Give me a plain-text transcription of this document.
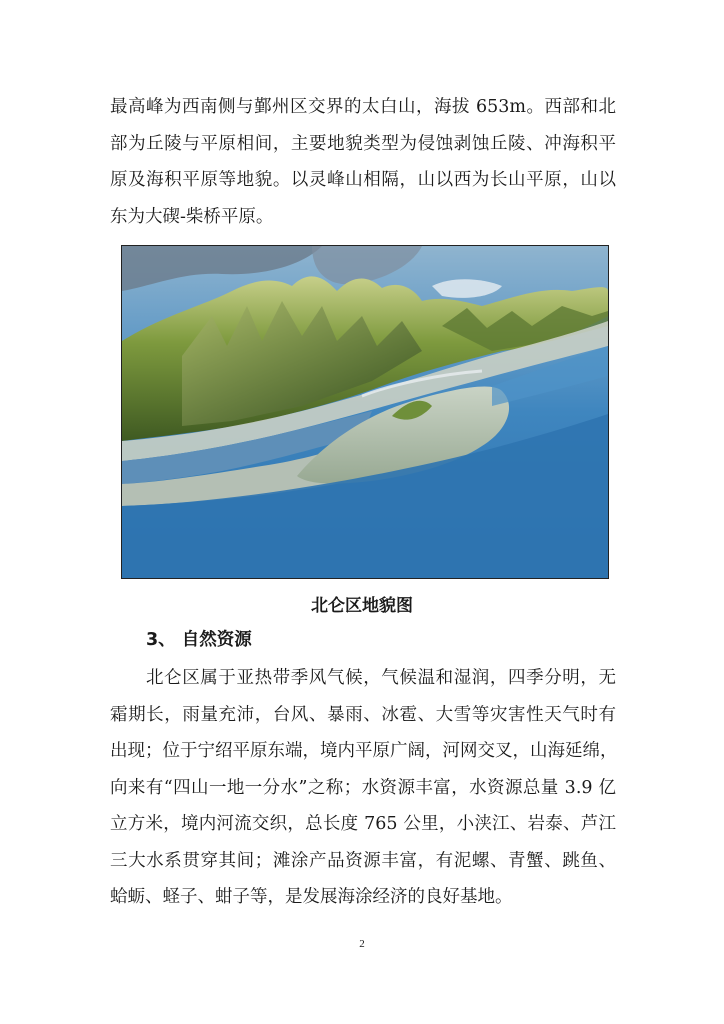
最高峰为西南侧与鄞州区交界的太白山，海拔 653m。西部和北
部为丘陵与平原相间，主要地貌类型为侵蚀剥蚀丘陵、冲海积平
原及海积平原等地貌。以灵峰山相隔，山以西为长山平原，山以
东为大碶-柴桥平原。
北仑区地貌图
3、 自然资源
北仑区属于亚热带季风气候，气候温和湿润，四季分明，无
霜期长，雨量充沛，台风、暴雨、冰雹、大雪等灾害性天气时有
出现；位于宁绍平原东端，境内平原广阔，河网交叉，山海延绵，
向来有“四山一地一分水”之称；水资源丰富，水资源总量 3.9 亿
立方米，境内河流交织，总长度 765 公里，小浃江、岩泰、芦江
三大水系贯穿其间；滩涂产品资源丰富，有泥螺、青蟹、跳鱼、
蛤蛎、蛏子、蚶子等，是发展海涂经济的良好基地。
2
